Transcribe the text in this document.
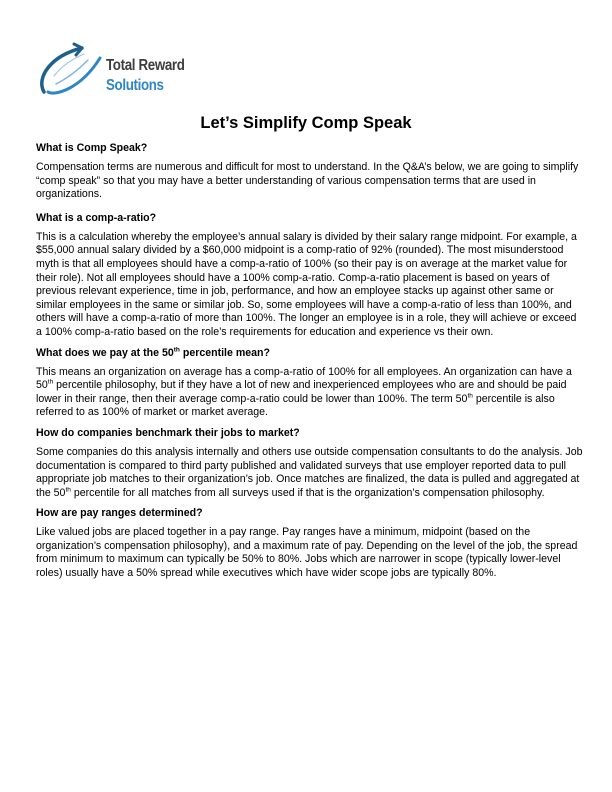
Total Reward
Solutions
Let’s Simplify Comp Speak

What is Comp Speak?

Compensation terms are numerous and difficult for most to understand. In the Q&A’s below, we are going to simplify “comp speak” so that you may have a better understanding of various compensation terms that are used in organizations.

What is a comp-a-ratio?

This is a calculation whereby the employee’s annual salary is divided by their salary range midpoint. For example, a $55,000 annual salary divided by a $60,000 midpoint is a comp-ratio of 92% (rounded). The most misunderstood myth is that all employees should have a comp-a-ratio of 100% (so their pay is on average at the market value for their role). Not all employees should have a 100% comp-a-ratio. Comp-a-ratio placement is based on years of previous relevant experience, time in job, performance, and how an employee stacks up against other same or similar employees in the same or similar job. So, some employees will have a comp-a-ratio of less than 100%, and others will have a comp-a-ratio of more than 100%. The longer an employee is in a role, they will achieve or exceed a 100% comp-a-ratio based on the role’s requirements for education and experience vs their own.

What does we pay at the 50th percentile mean?

This means an organization on average has a comp-a-ratio of 100% for all employees. An organization can have a 50th percentile philosophy, but if they have a lot of new and inexperienced employees who are and should be paid lower in their range, then their average comp-a-ratio could be lower than 100%. The term 50th percentile is also referred to as 100% of market or market average.

How do companies benchmark their jobs to market?

Some companies do this analysis internally and others use outside compensation consultants to do the analysis. Job documentation is compared to third party published and validated surveys that use employer reported data to pull appropriate job matches to their organization’s job. Once matches are finalized, the data is pulled and aggregated at the 50th percentile for all matches from all surveys used if that is the organization’s compensation philosophy.

How are pay ranges determined?

Like valued jobs are placed together in a pay range. Pay ranges have a minimum, midpoint (based on the organization’s compensation philosophy), and a maximum rate of pay. Depending on the level of the job, the spread from minimum to maximum can typically be 50% to 80%. Jobs which are narrower in scope (typically lower-level roles) usually have a 50% spread while executives which have wider scope jobs are typically 80%.
